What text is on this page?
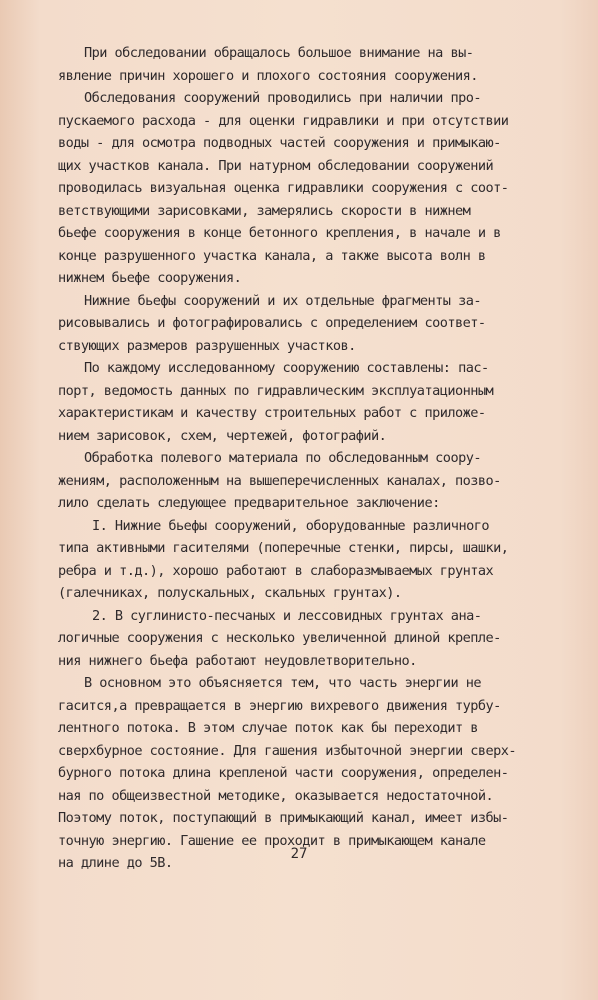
При обследовании обращалось большое внимание на вы-
явление причин хорошего и плохого состояния сооружения.
Обследования сооружений проводились при наличии про-
пускаемого расхода - для оценки гидравлики и при отсутствии
воды - для осмотра подводных частей сооружения и примыкаю-
щих участков канала. При натурном обследовании сооружений
проводилась визуальная оценка гидравлики сооружения с соот-
ветствующими зарисовками, замерялись скорости в нижнем
бьефе сооружения в конце бетонного крепления, в начале и в
конце разрушенного участка канала, а также высота волн в
нижнем бьефе сооружения.
Нижние бьефы сооружений и их отдельные фрагменты за-
рисовывались и фотографировались с определением соответ-
ствующих размеров разрушенных участков.
По каждому исследованному сооружению составлены: пас-
порт, ведомость данных по гидравлическим эксплуатационным
характеристикам и качеству строительных работ с приложе-
нием зарисовок, схем, чертежей, фотографий.
Обработка полевого материала по обследованным соору-
жениям, расположенным на вышеперечисленных каналах, позво-
лило сделать следующее предварительное заключение:
I. Нижние бьефы сооружений, оборудованные различного
типа активными гасителями (поперечные стенки, пирсы, шашки,
ребра и т.д.), хорошо работают в слаборазмываемых грунтах
(галечниках, полускальных, скальных грунтах).
2. В суглинисто-песчаных и лессовидных грунтах ана-
логичные сооружения с несколько увеличенной длиной крепле-
ния нижнего бьефа работают неудовлетворительно.
В основном это объясняется тем, что часть энергии не
гасится,а превращается в энергию вихревого движения турбу-
лентного потока. В этом случае поток как бы переходит в
сверхбурное состояние. Для гашения избыточной энергии сверх-
бурного потока длина крепленой части сооружения, определен-
ная по общеизвестной методике, оказывается недостаточной.
Поэтому поток, поступающий в примыкающий канал, имеет избы-
точную энергию. Гашение ее проходит в примыкающем канале
на длине до 5В.
27
